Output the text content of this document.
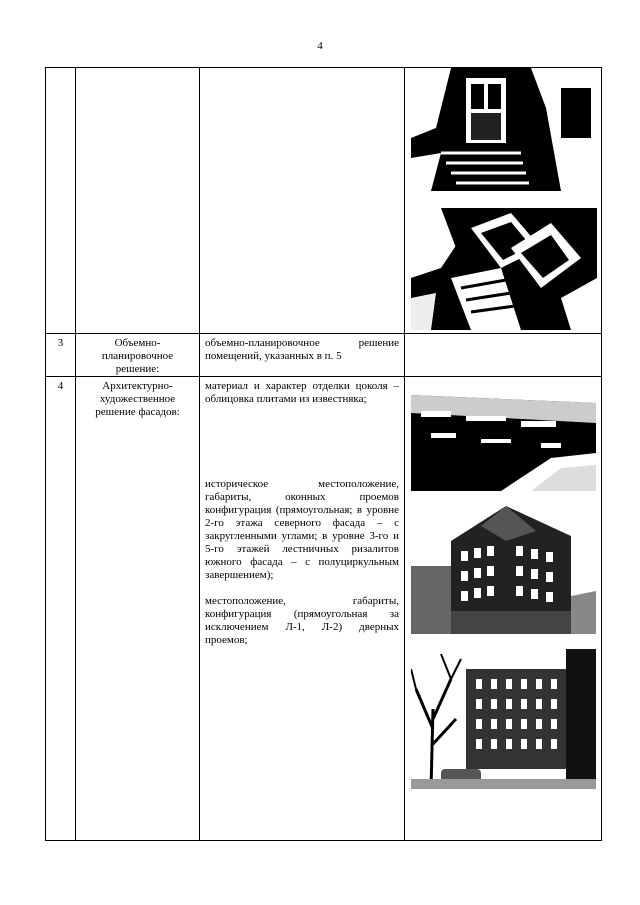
4

3	Объемно-планировочное решение:	объемно-планировочное решение помещений, указанных в п. 5	

4	Архитектурно-художественное решение фасадов:	материал и характер отделки цоколя – облицовка плитами из известняка;

историческое местоположение, габариты, оконных проемов конфигурация (прямоугольная; в уровне 2-го этажа северного фасада – с закругленными углами; в уровне 3-го и 5-го этажей лестничных ризалитов южного фасада – с полуциркульным завершением);

местоположение, габариты, конфигурация (прямоугольная за исключением Л-1, Л-2) дверных проемов;
